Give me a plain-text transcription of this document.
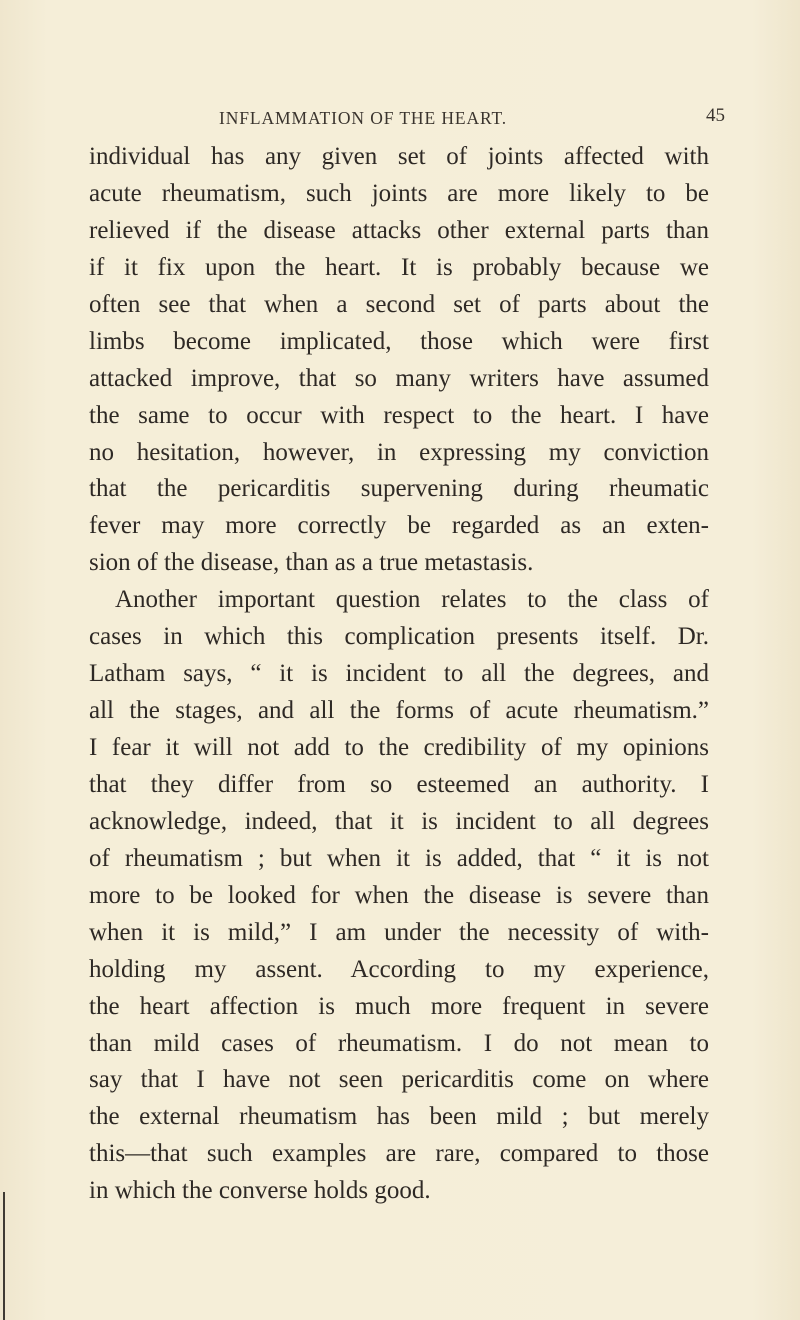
INFLAMMATION OF THE HEART.	45
individual has any given set of joints affected with
acute rheumatism, such joints are more likely to be
relieved if the disease attacks other external parts than
if it fix upon the heart. It is probably because we
often see that when a second set of parts about the
limbs become implicated, those which were first
attacked improve, that so many writers have assumed
the same to occur with respect to the heart. I have
no hesitation, however, in expressing my conviction
that the pericarditis supervening during rheumatic
fever may more correctly be regarded as an exten-
sion of the disease, than as a true metastasis.
Another important question relates to the class of
cases in which this complication presents itself. Dr.
Latham says, “ it is incident to all the degrees, and
all the stages, and all the forms of acute rheumatism.”
I fear it will not add to the credibility of my opinions
that they differ from so esteemed an authority. I
acknowledge, indeed, that it is incident to all degrees
of rheumatism ; but when it is added, that “ it is not
more to be looked for when the disease is severe than
when it is mild,” I am under the necessity of with-
holding my assent. According to my experience,
the heart affection is much more frequent in severe
than mild cases of rheumatism. I do not mean to
say that I have not seen pericarditis come on where
the external rheumatism has been mild ; but merely
this—that such examples are rare, compared to those
in which the converse holds good.
